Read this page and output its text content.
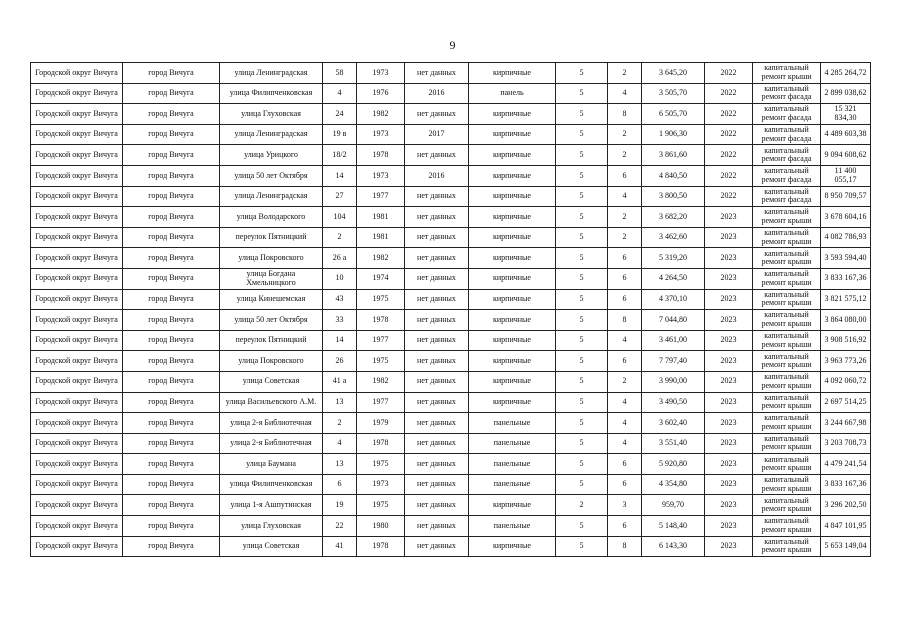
9
Городской округ Вичуга	город Вичуга	улица Ленинградская	58	1973	нет данных	кирпичные	5	2	3 645,20	2022	капитальный ремонт крыши	4 285 264,72
Городской округ Вичуга	город Вичуга	улица Филипченковская	4	1976	2016	панель	5	4	3 505,70	2022	капитальный ремонт фасада	2 899 038,62
Городской округ Вичуга	город Вичуга	улица Глуховская	24	1982	нет данных	кирпичные	5	8	6 505,70	2022	капитальный ремонт фасада	15 321 834,30
Городской округ Вичуга	город Вичуга	улица Ленинградская	19 в	1973	2017	кирпичные	5	2	1 906,30	2022	капитальный ремонт фасада	4 489 603,38
Городской округ Вичуга	город Вичуга	улица Урицкого	18/2	1978	нет данных	кирпичные	5	2	3 861,60	2022	капитальный ремонт фасада	9 094 608,62
Городской округ Вичуга	город Вичуга	улица 50 лет Октября	14	1973	2016	кирпичные	5	6	4 840,50	2022	капитальный ремонт фасада	11 400 055,17
Городской округ Вичуга	город Вичуга	улица Ленинградская	27	1977	нет данных	кирпичные	5	4	3 800,50	2022	капитальный ремонт фасада	8 950 709,57
Городской округ Вичуга	город Вичуга	улица Володарского	104	1981	нет данных	кирпичные	5	2	3 682,20	2023	капитальный ремонт крыши	3 678 604,16
Городской округ Вичуга	город Вичуга	переулок Пятницкий	2	1981	нет данных	кирпичные	5	2	3 462,60	2023	капитальный ремонт крыши	4 082 786,93
Городской округ Вичуга	город Вичуга	улица Покровского	26 а	1982	нет данных	кирпичные	5	6	5 319,20	2023	капитальный ремонт крыши	3 593 594,40
Городской округ Вичуга	город Вичуга	улица Богдана Хмельницкого	10	1974	нет данных	кирпичные	5	6	4 264,50	2023	капитальный ремонт крыши	3 833 167,36
Городской округ Вичуга	город Вичуга	улица Кинешемская	43	1975	нет данных	кирпичные	5	6	4 370,10	2023	капитальный ремонт крыши	3 821 575,12
Городской округ Вичуга	город Вичуга	улица 50 лет Октября	33	1978	нет данных	кирпичные	5	8	7 044,80	2023	капитальный ремонт крыши	3 864 080,00
Городской округ Вичуга	город Вичуга	переулок Пятницкий	14	1977	нет данных	кирпичные	5	4	3 461,00	2023	капитальный ремонт крыши	3 908 516,92
Городской округ Вичуга	город Вичуга	улица Покровского	26	1975	нет данных	кирпичные	5	6	7 797,40	2023	капитальный ремонт крыши	3 963 773,26
Городской округ Вичуга	город Вичуга	улица Советская	41 а	1982	нет данных	кирпичные	5	2	3 990,00	2023	капитальный ремонт крыши	4 092 060,72
Городской округ Вичуга	город Вичуга	улица Васильевского А.М.	13	1977	нет данных	кирпичные	5	4	3 490,50	2023	капитальный ремонт крыши	2 697 514,25
Городской округ Вичуга	город Вичуга	улица 2-я Библиотечная	2	1979	нет данных	панельные	5	4	3 602,40	2023	капитальный ремонт крыши	3 244 667,98
Городской округ Вичуга	город Вичуга	улица 2-я Библиотечная	4	1978	нет данных	панельные	5	4	3 551,40	2023	капитальный ремонт крыши	3 203 708,73
Городской округ Вичуга	город Вичуга	улица Баумана	13	1975	нет данных	панельные	5	6	5 920,80	2023	капитальный ремонт крыши	4 479 241,54
Городской округ Вичуга	город Вичуга	улица Филипченковская	6	1973	нет данных	панельные	5	6	4 354,80	2023	капитальный ремонт крыши	3 833 167,36
Городской округ Вичуга	город Вичуга	улица 1-я Ашпутинская	19	1975	нет данных	кирпичные	2	3	959,70	2023	капитальный ремонт крыши	3 296 202,50
Городской округ Вичуга	город Вичуга	улица Глуховская	22	1980	нет данных	панельные	5	6	5 148,40	2023	капитальный ремонт крыши	4 847 101,95
Городской округ Вичуга	город Вичуга	улица Советская	41	1978	нет данных	кирпичные	5	8	6 143,30	2023	капитальный ремонт крыши	5 653 149,04
